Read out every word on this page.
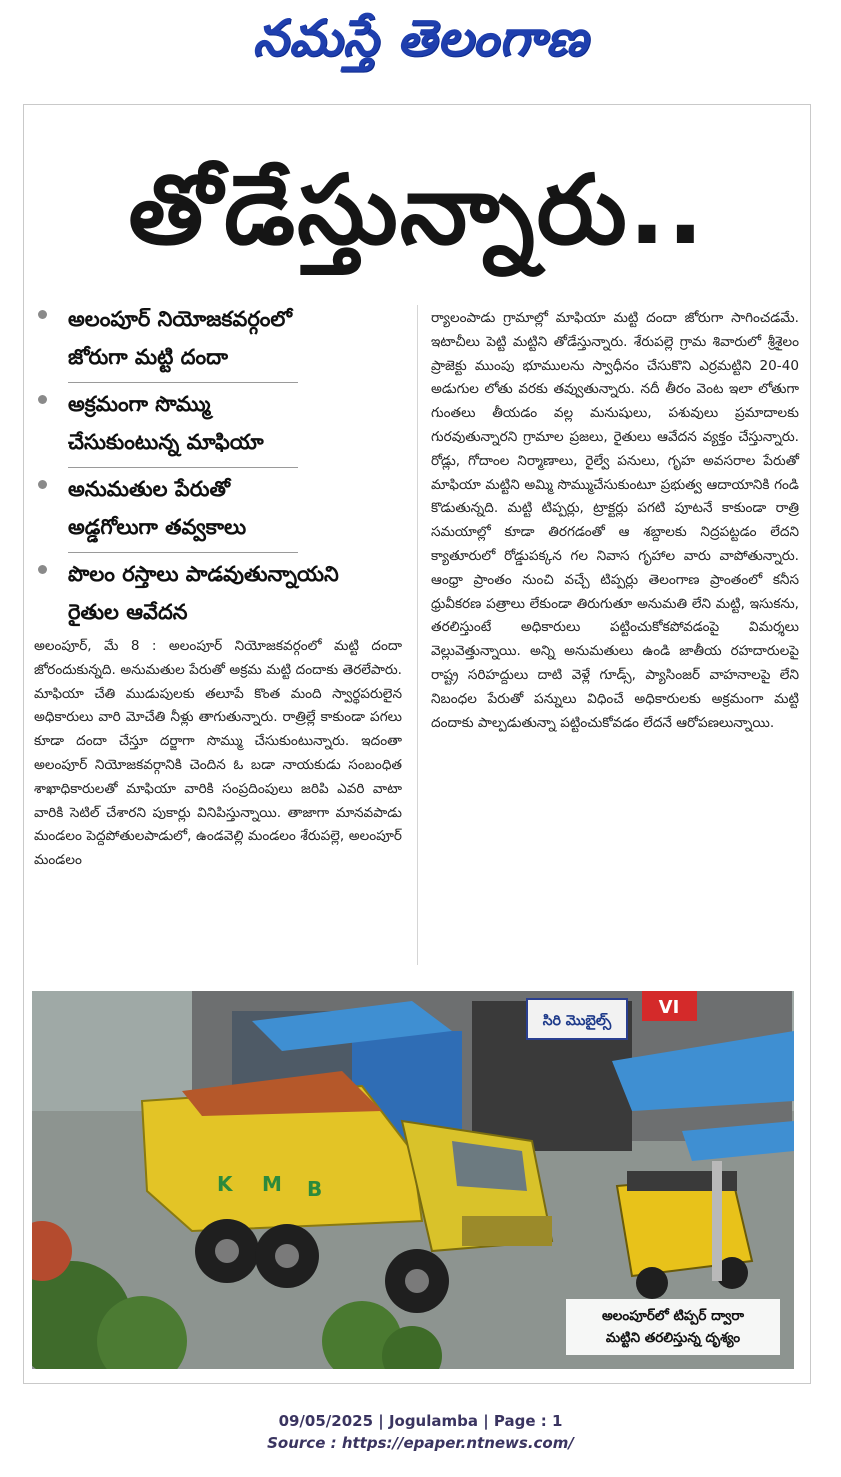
నమస్తే తెలంగాణ
తోడేస్తున్నారు..
అలంపూర్ నియోజకవర్గంలో
జోరుగా మట్టి దందా
అక్రమంగా సొమ్ము
చేసుకుంటున్న మాఫియా
అనుమతుల పేరుతో
అడ్డగోలుగా తవ్వకాలు
పొలం రస్తాలు పాడవుతున్నాయని
రైతుల ఆవేదన

అలంపూర్, మే 8 : అలంపూర్ నియోజకవర్గంలో మట్టి దందా జోరందుకున్నది. అనుమతుల పేరుతో అక్రమ మట్టి దందాకు తెరలేపారు. మాఫియా చేతి ముడుపులకు తలూపే కొంత మంది స్వార్థపరులైన అధికారులు వారి మోచేతి నీళ్లు తాగుతున్నారు. రాత్రిల్లే కాకుండా పగలు కూడా దందా చేస్తూ దర్జాగా సొమ్ము చేసుకుంటున్నారు. ఇదంతా అలంపూర్ నియోజకవర్గానికి చెందిన ఓ బడా నాయకుడు సంబంధిత శాఖాధికారులతో మాఫియా వారికి సంప్రదింపులు జరిపి ఎవరి వాటా వారికి సెటిల్ చేశారని పుకార్లు వినిపిస్తున్నాయి. తాజాగా మానవపాడు మండలం పెద్దపోతులపాడులో, ఉండవెల్లి మండలం శేరుపల్లె, అలంపూర్ మండలం

ర్యాలంపాడు గ్రామాల్లో మాఫియా మట్టి దందా జోరుగా సాగించడమే. ఇటాచీలు పెట్టి మట్టిని తోడేస్తున్నారు. శేరుపల్లె గ్రామ శివారులో శ్రీశైలం ప్రాజెక్టు ముంపు భూములను స్వాధీనం చేసుకొని ఎర్రమట్టిని 20-40 అడుగుల లోతు వరకు తవ్వుతున్నారు. నదీ తీరం వెంట ఇలా లోతుగా గుంతలు తీయడం వల్ల మనుషులు, పశువులు ప్రమాదాలకు గురవుతున్నారని గ్రామాల ప్రజలు, రైతులు ఆవేదన వ్యక్తం చేస్తున్నారు. రోడ్లు, గోదాంల నిర్మాణాలు, రైల్వే పనులు, గృహ అవసరాల పేరుతో మాఫియా మట్టిని అమ్మి సొమ్ముచేసుకుంటూ ప్రభుత్వ ఆదాయానికి గండి కొడుతున్నది. మట్టి టిప్పర్లు, ట్రాక్టర్లు పగటి పూటనే కాకుండా రాత్రి సమయాల్లో కూడా తిరగడంతో ఆ శబ్దాలకు నిద్రపట్టడం లేదని క్యాతూరులో రోడ్డుపక్కన గల నివాస గృహాల వారు వాపోతున్నారు. ఆంధ్రా ప్రాంతం నుంచి వచ్చే టిప్పర్లు తెలంగాణ ప్రాంతంలో కనీస ధ్రువీకరణ పత్రాలు లేకుండా తిరుగుతూ అనుమతి లేని మట్టి, ఇసుకను, తరలిస్తుంటే అధికారులు పట్టించుకోకపోవడంపై విమర్శలు వెల్లువెత్తున్నాయి. అన్ని అనుమతులు ఉండి జాతీయ రహదారులపై రాష్ట్ర సరిహద్దులు దాటి వెళ్లే గూడ్స్, ప్యాసింజర్ వాహనాలపై లేని నిబంధల పేరుతో పన్నులు విధించే అధికారులకు అక్రమంగా మట్టి దందాకు పాల్పడుతున్నా పట్టించుకోవడం లేదనే ఆరోపణలున్నాయి.

సిరి మొబైల్స్
VI
K M B
అలంపూర్‌లో టిప్పర్ ద్వారా
మట్టిని తరలిస్తున్న దృశ్యం
09/05/2025 | Jogulamba | Page : 1
Source : https://epaper.ntnews.com/
